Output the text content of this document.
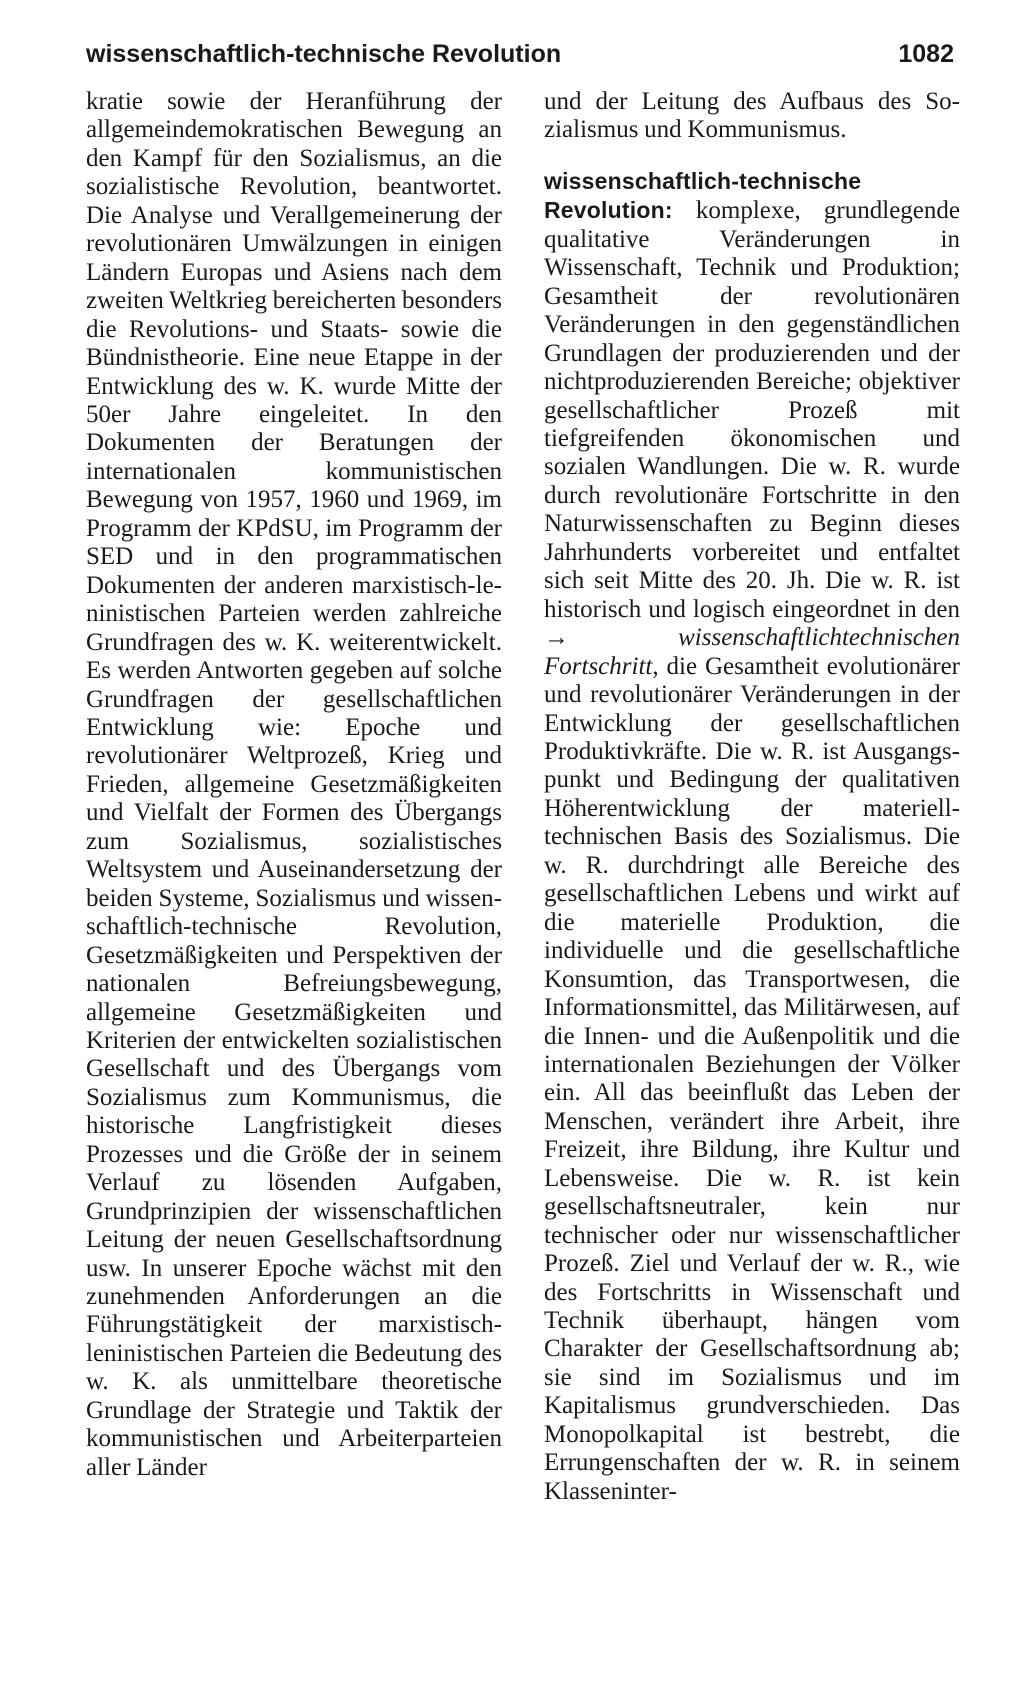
wissenschaftlich-technische Revolution	1082

kratie sowie der Heranführung der allgemeindemokratischen Bewegung an den Kampf für den Sozialismus, an die sozialistische Revolution, beantwortet. Die Analyse und Verallgemeinerung der revolutionären Umwälzungen in einigen Ländern Europas und Asiens nach dem zweiten Weltkrieg bereicherten besonders die Revolutions- und Staats- sowie die Bündnistheorie. Eine neue Etappe in der Entwicklung des w. K. wurde Mitte der 50er Jahre eingeleitet. In den Dokumenten der Beratungen der internationalen kommunistischen Bewegung von 1957, 1960 und 1969, im Programm der KPdSU, im Programm der SED und in den programmatischen Dokumenten der anderen marxistisch-leninistischen Parteien werden zahlreiche Grundfragen des w. K. weiterentwickelt. Es werden Antworten gegeben auf solche Grundfragen der gesellschaftlichen Entwicklung wie: Epoche und revolutionärer Weltprozeß, Krieg und Frieden, allgemeine Gesetzmäßigkeiten und Vielfalt der Formen des Übergangs zum Sozialismus, sozialistisches Weltsystem und Auseinandersetzung der beiden Systeme, Sozialismus und wissenschaftlich-technische Revolution, Gesetzmäßigkeiten und Perspektiven der nationalen Befreiungsbewegung, allgemeine Gesetzmäßigkeiten und Kriterien der entwickelten sozialistischen Gesellschaft und des Übergangs vom Sozialismus zum Kommunismus, die historische Langfristigkeit dieses Prozesses und die Größe der in seinem Verlauf zu lösenden Aufgaben, Grundprinzipien der wissenschaftlichen Leitung der neuen Gesellschaftsordnung usw. In unserer Epoche wächst mit den zunehmenden Anforderungen an die Führungstätigkeit der marxistisch-leninistischen Parteien die Bedeutung des w. K. als unmittelbare theoretische Grundlage der Strategie und Taktik der kommunistischen und Arbeiterparteien aller Länder

und der Leitung des Aufbaus des Sozialismus und Kommunismus.

wissenschaftlich-technische Revolution: komplexe, grundlegende qualitative Veränderungen in Wissenschaft, Technik und Produktion; Gesamtheit der revolutionären Veränderungen in den gegenständlichen Grundlagen der produzierenden und der nichtproduzierenden Bereiche; objektiver gesellschaftlicher Prozeß mit tiefgreifenden ökonomischen und sozialen Wandlungen. Die w. R. wurde durch revolutionäre Fortschritte in den Naturwissenschaften zu Beginn dieses Jahrhunderts vorbereitet und entfaltet sich seit Mitte des 20. Jh. Die w. R. ist historisch und logisch eingeordnet in den → wissenschaftlichtechnischen Fortschritt, die Gesamtheit evolutionärer und revolutionärer Veränderungen in der Entwicklung der gesellschaftlichen Produktivkräfte. Die w. R. ist Ausgangspunkt und Bedingung der qualitativen Höherentwicklung der materiell-technischen Basis des Sozialismus. Die w. R. durchdringt alle Bereiche des gesellschaftlichen Lebens und wirkt auf die materielle Produktion, die individuelle und die gesellschaftliche Konsumtion, das Transportwesen, die Informationsmittel, das Militärwesen, auf die Innen- und die Außenpolitik und die internationalen Beziehungen der Völker ein. All das beeinflußt das Leben der Menschen, verändert ihre Arbeit, ihre Freizeit, ihre Bildung, ihre Kultur und Lebensweise. Die w. R. ist kein gesellschaftsneutraler, kein nur technischer oder nur wissenschaftlicher Prozeß. Ziel und Verlauf der w. R., wie des Fortschritts in Wissenschaft und Technik überhaupt, hängen vom Charakter der Gesellschaftsordnung ab; sie sind im Sozialismus und im Kapitalismus grundverschieden. Das Monopolkapital ist bestrebt, die Errungenschaften der w. R. in seinem Klasseninter-
